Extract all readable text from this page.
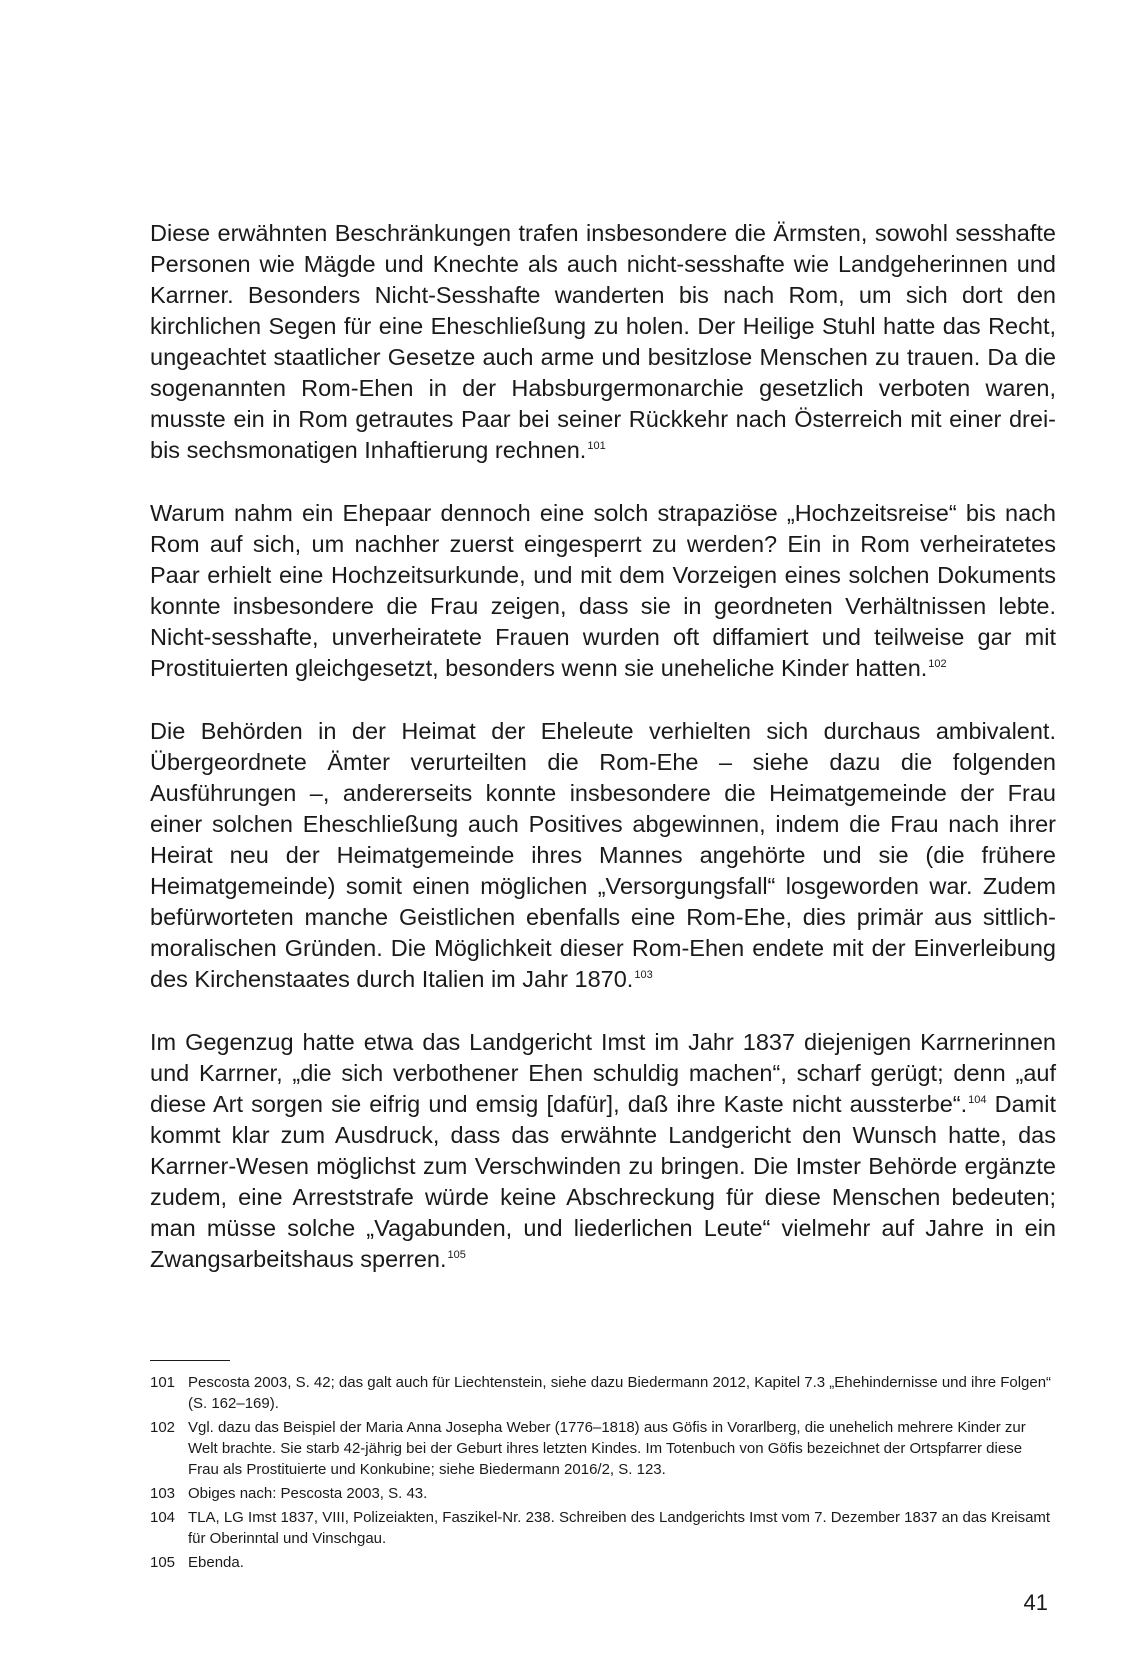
Diese erwähnten Beschränkungen trafen insbesondere die Ärmsten, sowohl sesshafte Personen wie Mägde und Knechte als auch nicht-sesshafte wie Landgeherinnen und Karrner. Besonders Nicht-Sesshafte wanderten bis nach Rom, um sich dort den kirchlichen Segen für eine Eheschließung zu holen. Der Heilige Stuhl hatte das Recht, ungeachtet staatlicher Gesetze auch arme und besitzlose Menschen zu trauen. Da die sogenannten Rom-Ehen in der Habsburgermonarchie gesetzlich verboten waren, musste ein in Rom getrautes Paar bei seiner Rückkehr nach Österreich mit einer drei- bis sechsmonatigen Inhaftierung rechnen.$^{101}$

Warum nahm ein Ehepaar dennoch eine solch strapaziöse „Hochzeitsreise“ bis nach Rom auf sich, um nachher zuerst eingesperrt zu werden? Ein in Rom verheiratetes Paar erhielt eine Hochzeitsurkunde, und mit dem Vorzeigen eines solchen Dokuments konnte insbesondere die Frau zeigen, dass sie in geordneten Verhältnissen lebte. Nicht-sesshafte, unverheiratete Frauen wurden oft diffamiert und teilweise gar mit Prostituierten gleichgesetzt, besonders wenn sie uneheliche Kinder hatten.$^{102}$

Die Behörden in der Heimat der Eheleute verhielten sich durchaus ambivalent. Übergeordnete Ämter verurteilten die Rom-Ehe – siehe dazu die folgenden Ausführungen –, andererseits konnte insbesondere die Heimatgemeinde der Frau einer solchen Eheschließung auch Positives abgewinnen, indem die Frau nach ihrer Heirat neu der Heimatgemeinde ihres Mannes angehörte und sie (die frühere Heimatgemeinde) somit einen möglichen „Versorgungsfall“ losgeworden war. Zudem befürworteten manche Geistlichen ebenfalls eine Rom-Ehe, dies primär aus sittlich-moralischen Gründen. Die Möglichkeit dieser Rom-Ehen endete mit der Einverleibung des Kirchenstaates durch Italien im Jahr 1870.$^{103}$

Im Gegenzug hatte etwa das Landgericht Imst im Jahr 1837 diejenigen Karrnerinnen und Karrner, „die sich verbothener Ehen schuldig machen“, scharf gerügt; denn „auf diese Art sorgen sie eifrig und emsig [dafür], daß ihre Kaste nicht aussterbe“.$^{104}$ Damit kommt klar zum Ausdruck, dass das erwähnte Landgericht den Wunsch hatte, das Karrner-Wesen möglichst zum Verschwinden zu bringen. Die Imster Behörde ergänzte zudem, eine Arreststrafe würde keine Abschreckung für diese Menschen bedeuten; man müsse solche „Vagabunden, und liederlichen Leute“ vielmehr auf Jahre in ein Zwangsarbeitshaus sperren.$^{105}$

101 Pescosta 2003, S. 42; das galt auch für Liechtenstein, siehe dazu Biedermann 2012, Kapitel 7.3 „Ehehindernisse und ihre Folgen“ (S. 162–169).
102 Vgl. dazu das Beispiel der Maria Anna Josepha Weber (1776–1818) aus Göfis in Vorarlberg, die unehelich mehrere Kinder zur Welt brachte. Sie starb 42-jährig bei der Geburt ihres letzten Kindes. Im Totenbuch von Göfis bezeichnet der Ortspfarrer diese Frau als Prostituierte und Konkubine; siehe Biedermann 2016/2, S. 123.
103 Obiges nach: Pescosta 2003, S. 43.
104 TLA, LG Imst 1837, VIII, Polizeiakten, Faszikel-Nr. 238. Schreiben des Landgerichts Imst vom 7. Dezember 1837 an das Kreisamt für Oberinntal und Vinschgau.
105 Ebenda.
41
